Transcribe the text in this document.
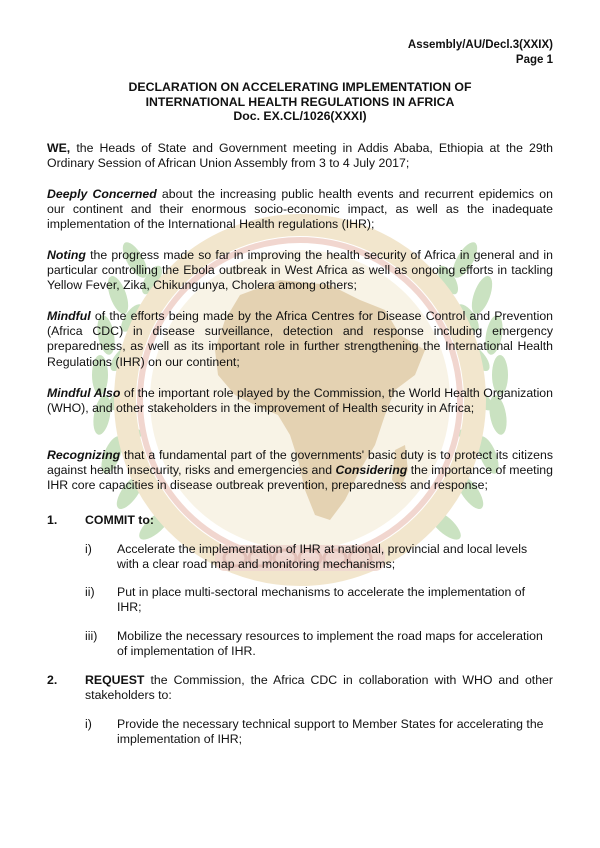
Assembly/AU/Decl.3(XXIX)
Page 1
DECLARATION ON ACCELERATING IMPLEMENTATION OF
INTERNATIONAL HEALTH REGULATIONS IN AFRICA
Doc. EX.CL/1026(XXXI)

WE, the Heads of State and Government meeting in Addis Ababa, Ethiopia at the 29th Ordinary Session of African Union Assembly from 3 to 4 July 2017;

Deeply Concerned about the increasing public health events and recurrent epidemics on our continent and their enormous socio-economic impact, as well as the inadequate implementation of the International Health regulations (IHR);

Noting the progress made so far in improving the health security of Africa in general and in particular controlling the Ebola outbreak in West Africa as well as ongoing efforts in tackling Yellow Fever, Zika, Chikungunya, Cholera among others;

Mindful of the efforts being made by the Africa Centres for Disease Control and Prevention (Africa CDC) in disease surveillance, detection and response including emergency preparedness, as well as its important role in further strengthening the International Health Regulations (IHR) on our continent;

Mindful Also of the important role played by the Commission, the World Health Organization (WHO), and other stakeholders in the improvement of Health security in Africa;

Recognizing that a fundamental part of the governments' basic duty is to protect its citizens against health insecurity, risks and emergencies and Considering the importance of meeting IHR core capacities in disease outbreak prevention, preparedness and response;

1. COMMIT to:
i) Accelerate the implementation of IHR at national, provincial and local levels with a clear road map and monitoring mechanisms;
ii) Put in place multi-sectoral mechanisms to accelerate the implementation of IHR;
iii) Mobilize the necessary resources to implement the road maps for acceleration of implementation of IHR.
2. REQUEST the Commission, the Africa CDC in collaboration with WHO and other stakeholders to:
i) Provide the necessary technical support to Member States for accelerating the implementation of IHR;
